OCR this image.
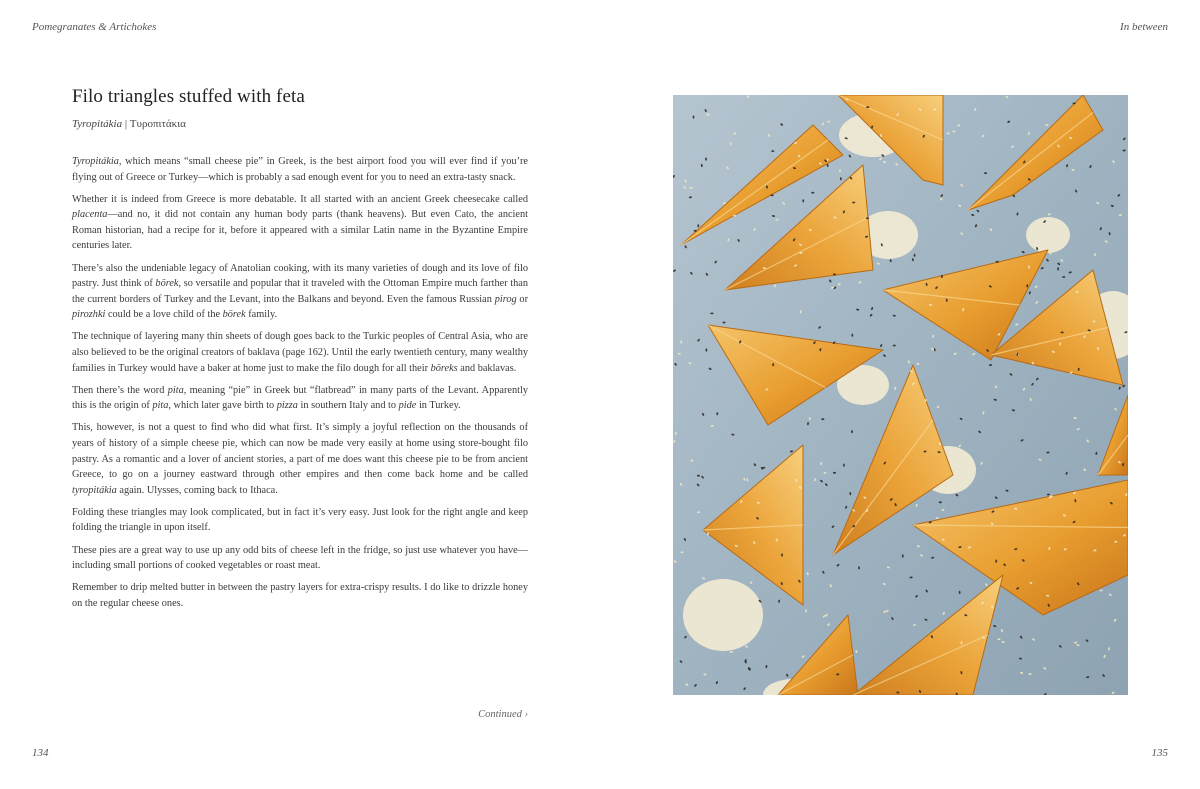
Pomegranates & Artichokes	In between
Filo triangles stuffed with feta
Tyropitákia | Τυροπιτάκια

Tyropitákia, which means “small cheese pie” in Greek, is the best airport food you will ever find if you’re flying out of Greece or Turkey—which is probably a sad enough event for you to need an extra-tasty snack.

Whether it is indeed from Greece is more debatable. It all started with an ancient Greek cheesecake called placenta—and no, it did not contain any human body parts (thank heavens). But even Cato, the ancient Roman historian, had a recipe for it, before it appeared with a similar Latin name in the Byzantine Empire centuries later.

There’s also the undeniable legacy of Anatolian cooking, with its many varieties of dough and its love of filo pastry. Just think of börek, so versatile and popular that it traveled with the Ottoman Empire much farther than the current borders of Turkey and the Levant, into the Balkans and beyond. Even the famous Russian pirog or pirozhki could be a love child of the börek family.

The technique of layering many thin sheets of dough goes back to the Turkic peoples of Central Asia, who are also believed to be the original creators of baklava (page 162). Until the early twentieth century, many wealthy families in Turkey would have a baker at home just to make the filo dough for all their böreks and baklavas.

Then there’s the word pita, meaning “pie” in Greek but “flatbread” in many parts of the Levant. Apparently this is the origin of pita, which later gave birth to pizza in southern Italy and to pide in Turkey.

This, however, is not a quest to find who did what first. It’s simply a joyful reflection on the thousands of years of history of a simple cheese pie, which can now be made very easily at home using store-bought filo pastry. As a romantic and a lover of ancient stories, a part of me does want this cheese pie to be from ancient Greece, to go on a journey eastward through other empires and then come back home and be called tyropitákia again. Ulysses, coming back to Ithaca.

Folding these triangles may look complicated, but in fact it’s very easy. Just look for the right angle and keep folding the triangle in upon itself.

These pies are a great way to use up any odd bits of cheese left in the fridge, so just use whatever you have—including small portions of cooked vegetables or roast meat.

Remember to drip melted butter in between the pastry layers for extra-crispy results. I do like to drizzle honey on the regular cheese ones.

Continued ›
134	135
